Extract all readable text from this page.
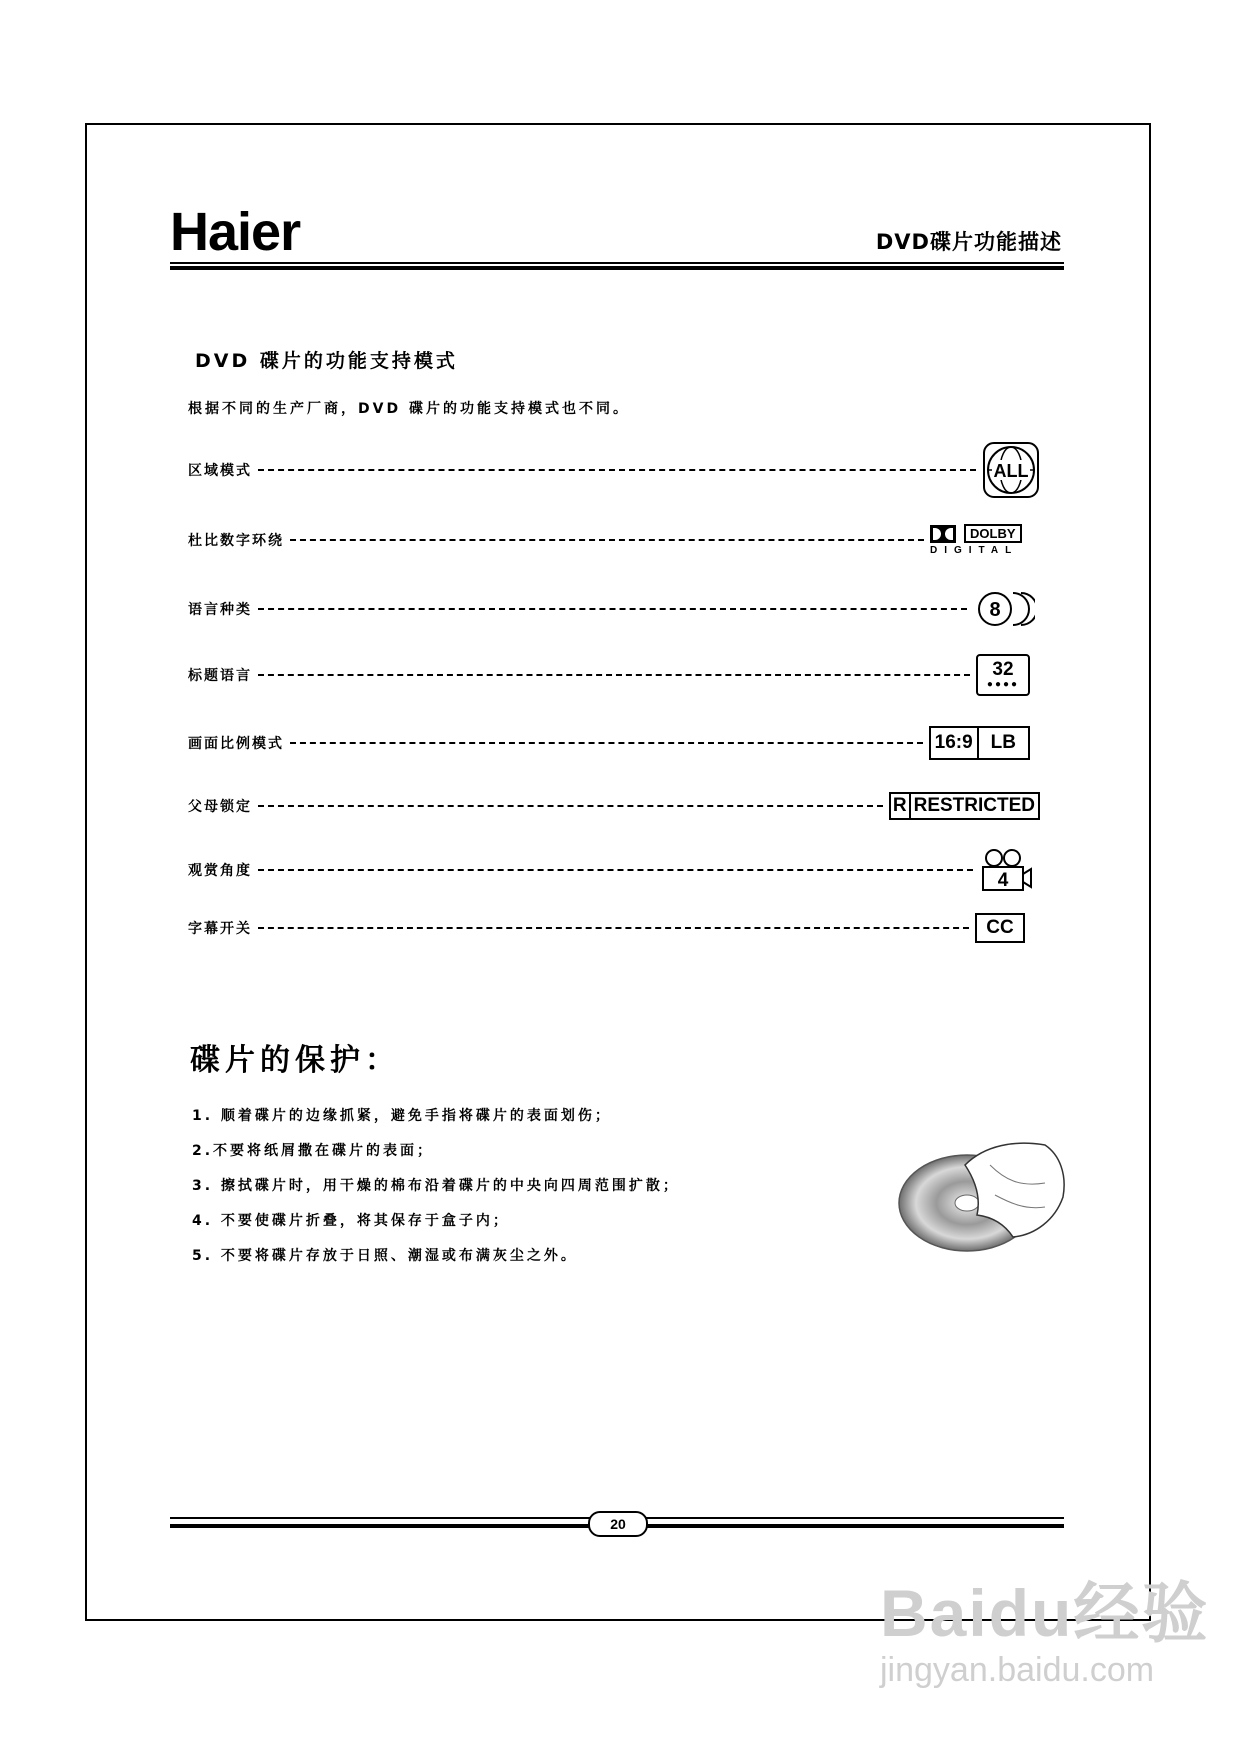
Haier	DVD碟片功能描述
DVD 碟片的功能支持模式
根据不同的生产厂商，DVD 碟片的功能支持模式也不同。
区域模式	ALL
杜比数字环绕	DOLBY
DIGITAL
语言种类	8
标题语言	32
●●●●
画面比例模式	16:9 LB
父母锁定	R RESTRICTED
观赏角度	4
字幕开关	CC
碟片的保护：
1. 顺着碟片的边缘抓紧，避免手指将碟片的表面划伤；
2.不要将纸屑撒在碟片的表面；
3. 擦拭碟片时，用干燥的棉布沿着碟片的中央向四周范围扩散；
4. 不要使碟片折叠，将其保存于盒子内；
5. 不要将碟片存放于日照、潮湿或布满灰尘之外。
20
Baidu经验
jingyan.baidu.com
